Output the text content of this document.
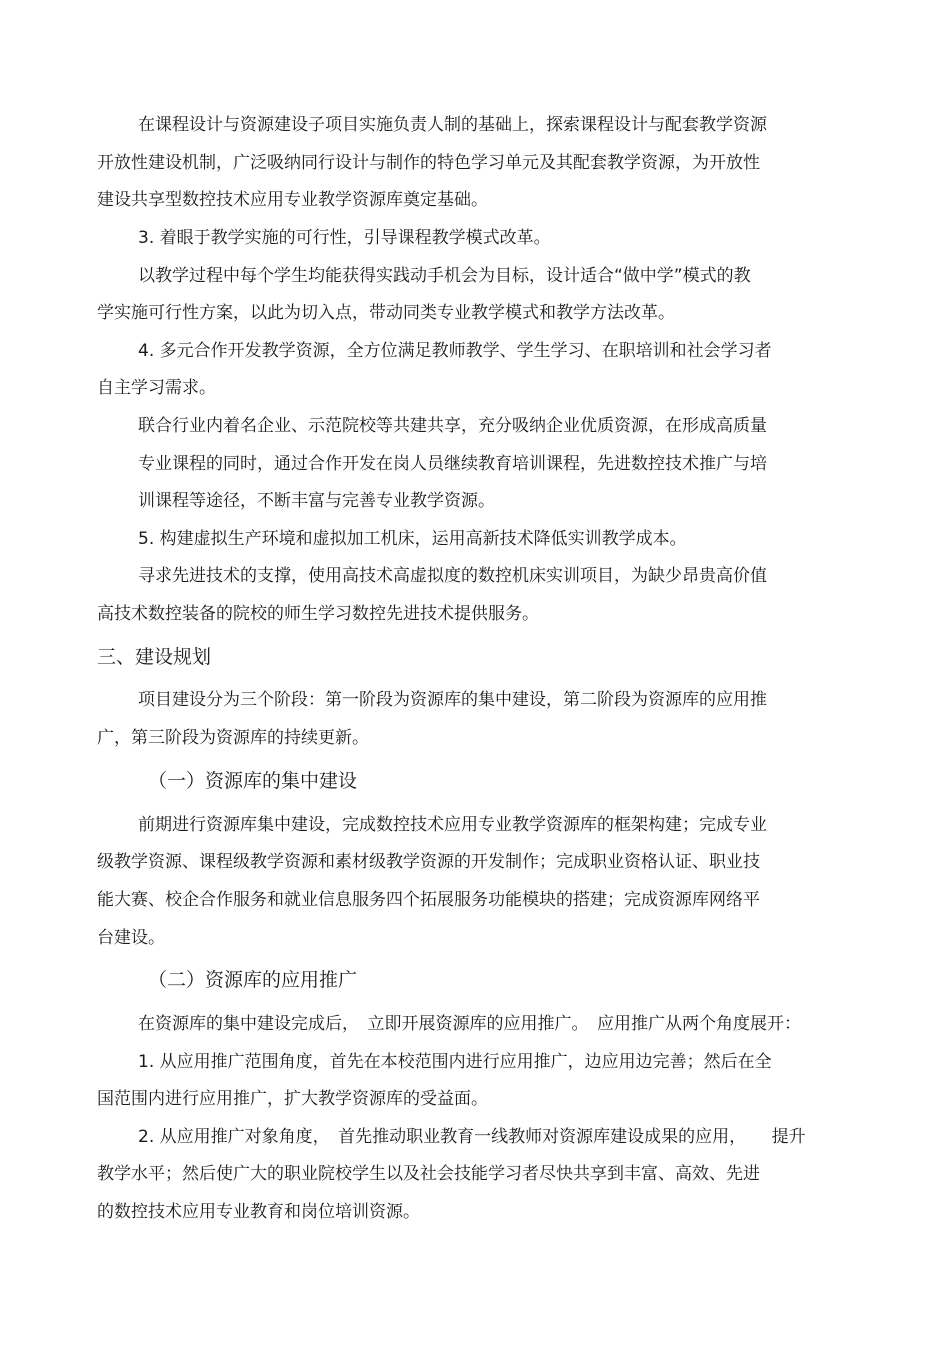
在课程设计与资源建设子项目实施负责人制的基础上，探索课程设计与配套教学资源

开放性建设机制，广泛吸纳同行设计与制作的特色学习单元及其配套教学资源，为开放性

建设共享型数控技术应用专业教学资源库奠定基础。

3. 着眼于教学实施的可行性，引导课程教学模式改革。

以教学过程中每个学生均能获得实践动手机会为目标，设计适合“做中学”模式的教

学实施可行性方案，以此为切入点，带动同类专业教学模式和教学方法改革。

4. 多元合作开发教学资源，全方位满足教师教学、学生学习、在职培训和社会学习者

自主学习需求。

联合行业内着名企业、示范院校等共建共享，充分吸纳企业优质资源，在形成高质量

专业课程的同时，通过合作开发在岗人员继续教育培训课程，先进数控技术推广与培

训课程等途径，不断丰富与完善专业教学资源。

5. 构建虚拟生产环境和虚拟加工机床，运用高新技术降低实训教学成本。

寻求先进技术的支撑，使用高技术高虚拟度的数控机床实训项目，为缺少昂贵高价值

高技术数控装备的院校的师生学习数控先进技术提供服务。

三、建设规划

项目建设分为三个阶段：第一阶段为资源库的集中建设，第二阶段为资源库的应用推

广，第三阶段为资源库的持续更新。

（一）资源库的集中建设

前期进行资源库集中建设，完成数控技术应用专业教学资源库的框架构建；完成专业

级教学资源、课程级教学资源和素材级教学资源的开发制作；完成职业资格认证、职业技

能大赛、校企合作服务和就业信息服务四个拓展服务功能模块的搭建；完成资源库网络平

台建设。

（二）资源库的应用推广

在资源库的集中建设完成后，　立即开展资源库的应用推广。　应用推广从两个角度展开：

1. 从应用推广范围角度，首先在本校范围内进行应用推广，边应用边完善；然后在全

国范围内进行应用推广，扩大教学资源库的受益面。

2. 从应用推广对象角度，　首先推动职业教育一线教师对资源库建设成果的应用，　　提升

教学水平；然后使广大的职业院校学生以及社会技能学习者尽快共享到丰富、高效、先进

的数控技术应用专业教育和岗位培训资源。
